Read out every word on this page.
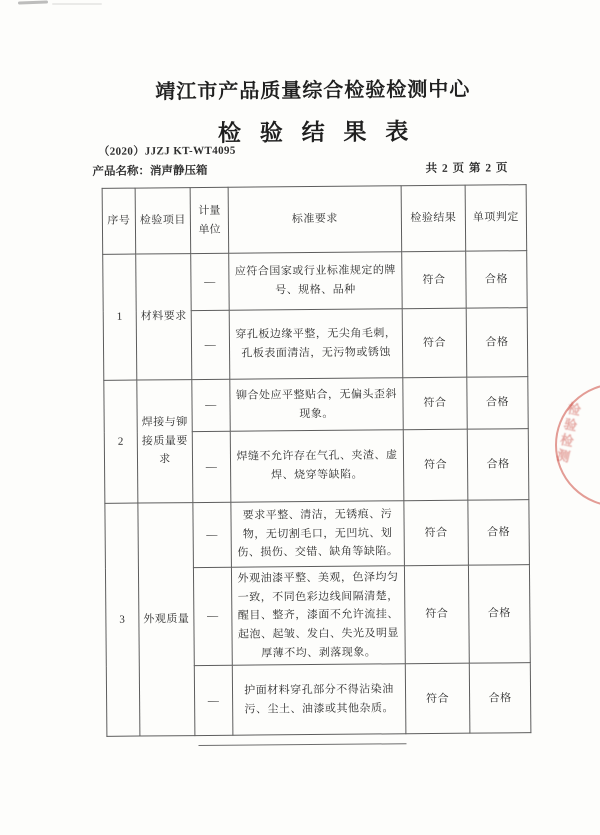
靖江市产品质量综合检验检测中心
检验结果表
（2020）JJZJ KT-WT4095
产品名称：消声静压箱	共 2 页 第 2 页
序号	检验项目	计量单位	标准要求	检验结果	单项判定
1	材料要求	—	应符合国家或行业标准规定的牌号、规格、品种	符合	合格
		—	穿孔板边缘平整，无尖角毛刺，孔板表面清洁，无污物或锈蚀	符合	合格
2	焊接与铆接质量要求	—	铆合处应平整贴合，无偏头歪斜现象。	符合	合格
		—	焊缝不允许存在气孔、夹渣、虚焊、烧穿等缺陷。	符合	合格
3	外观质量	—	要求平整、清洁，无锈痕、污物，无切割毛口，无凹坑、划伤、损伤、交错、缺角等缺陷。	符合	合格
		—	外观油漆平整、美观，色泽均匀一致，不同色彩边线间隔清楚，醒目、整齐，漆面不允许流挂、起泡、起皱、发白、失光及明显厚薄不均、剥落现象。	符合	合格
		—	护面材料穿孔部分不得沾染油污、尘土、油漆或其他杂质。	符合	合格
检验检测
